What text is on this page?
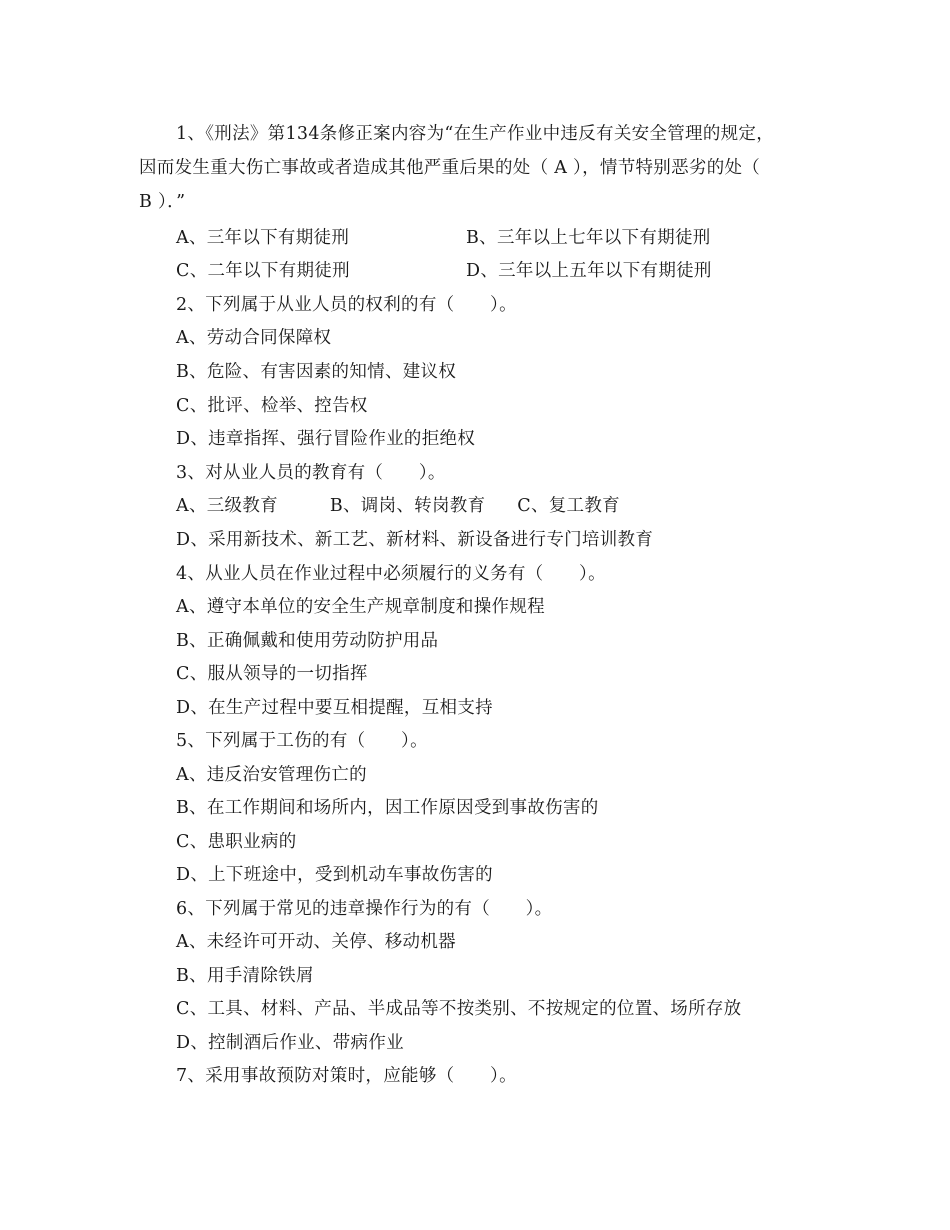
1、《刑法》第134条修正案内容为“在生产作业中违反有关安全管理的规定，
因而发生重大伤亡事故或者造成其他严重后果的处（ A ），情节特别恶劣的处（
B ）．”
A、三年以下有期徒刑	B、三年以上七年以下有期徒刑
C、二年以下有期徒刑	D、三年以上五年以下有期徒刑
2、下列属于从业人员的权利的有（　　）。
A、劳动合同保障权
B、危险、有害因素的知情、建议权
C、批评、检举、控告权
D、违章指挥、强行冒险作业的拒绝权
3、对从业人员的教育有（　　）。
A、三级教育	B、调岗、转岗教育 C、复工教育
D、采用新技术、新工艺、新材料、新设备进行专门培训教育
4、从业人员在作业过程中必须履行的义务有（　　）。
A、遵守本单位的安全生产规章制度和操作规程
B、正确佩戴和使用劳动防护用品
C、服从领导的一切指挥
D、在生产过程中要互相提醒，互相支持
5、下列属于工伤的有（　　）。
A、违反治安管理伤亡的
B、在工作期间和场所内，因工作原因受到事故伤害的
C、患职业病的
D、上下班途中，受到机动车事故伤害的
6、下列属于常见的违章操作行为的有（　　）。
A、未经许可开动、关停、移动机器
B、用手清除铁屑
C、工具、材料、产品、半成品等不按类别、不按规定的位置、场所存放
D、控制酒后作业、带病作业
7、采用事故预防对策时，应能够（　　）。
